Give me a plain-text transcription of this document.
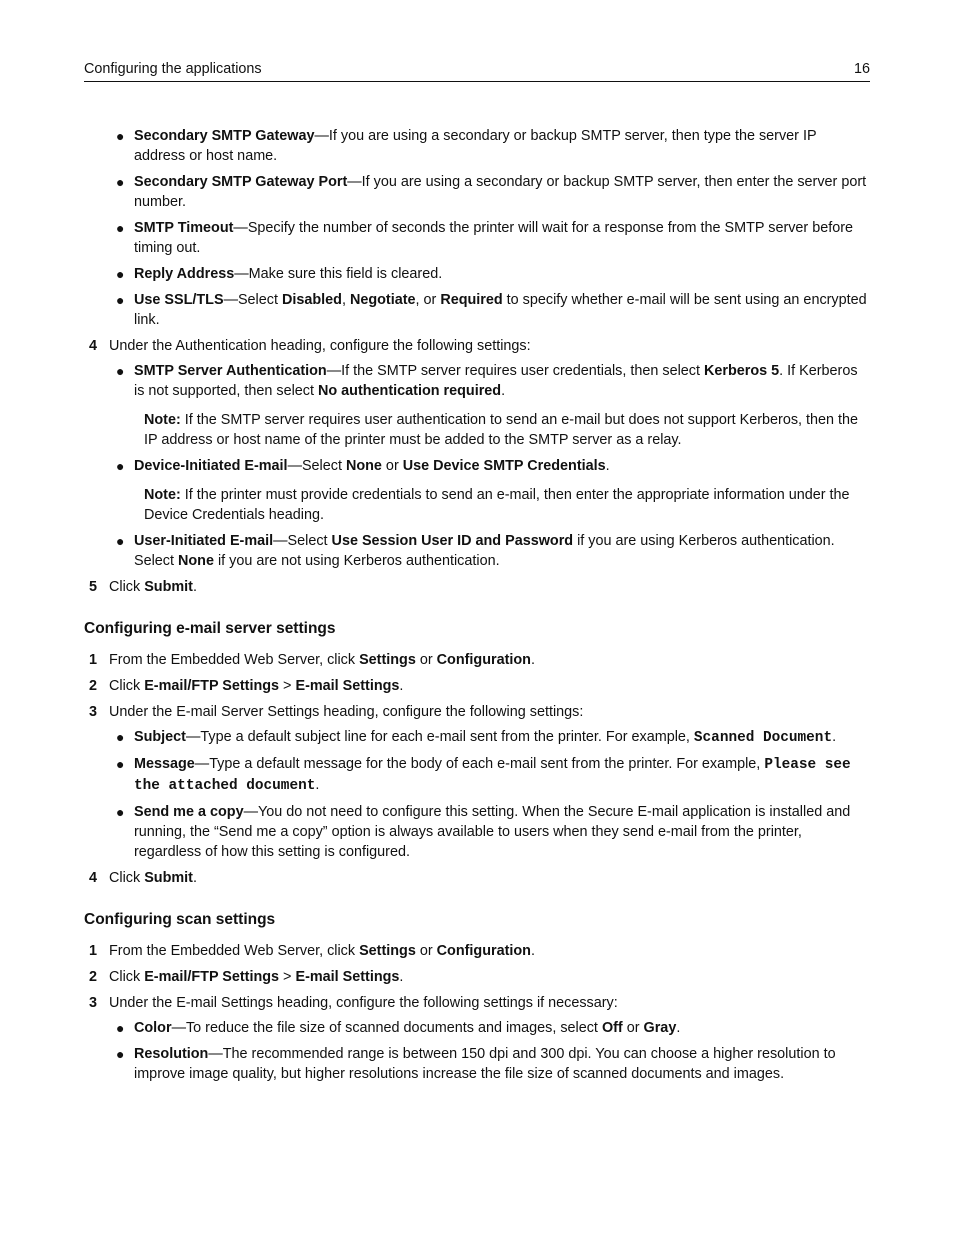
Configuring the applications	16
● Secondary SMTP Gateway—If you are using a secondary or backup SMTP server, then type the server IP address or host name.
● Secondary SMTP Gateway Port—If you are using a secondary or backup SMTP server, then enter the server port number.
● SMTP Timeout—Specify the number of seconds the printer will wait for a response from the SMTP server before timing out.
● Reply Address—Make sure this field is cleared.
● Use SSL/TLS—Select Disabled, Negotiate, or Required to specify whether e-mail will be sent using an encrypted link.
4 Under the Authentication heading, configure the following settings:
● SMTP Server Authentication—If the SMTP server requires user credentials, then select Kerberos 5. If Kerberos is not supported, then select No authentication required.
Note: If the SMTP server requires user authentication to send an e-mail but does not support Kerberos, then the IP address or host name of the printer must be added to the SMTP server as a relay.
● Device-Initiated E-mail—Select None or Use Device SMTP Credentials.
Note: If the printer must provide credentials to send an e-mail, then enter the appropriate information under the Device Credentials heading.
● User-Initiated E-mail—Select Use Session User ID and Password if you are using Kerberos authentication. Select None if you are not using Kerberos authentication.
5 Click Submit.
Configuring e-mail server settings
1 From the Embedded Web Server, click Settings or Configuration.
2 Click E-mail/FTP Settings > E-mail Settings.
3 Under the E-mail Server Settings heading, configure the following settings:
● Subject—Type a default subject line for each e-mail sent from the printer. For example, Scanned Document.
● Message—Type a default message for the body of each e-mail sent from the printer. For example, Please see the attached document.
● Send me a copy—You do not need to configure this setting. When the Secure E-mail application is installed and running, the “Send me a copy” option is always available to users when they send e-mail from the printer, regardless of how this setting is configured.
4 Click Submit.
Configuring scan settings
1 From the Embedded Web Server, click Settings or Configuration.
2 Click E-mail/FTP Settings > E-mail Settings.
3 Under the E-mail Settings heading, configure the following settings if necessary:
● Color—To reduce the file size of scanned documents and images, select Off or Gray.
● Resolution—The recommended range is between 150 dpi and 300 dpi. You can choose a higher resolution to improve image quality, but higher resolutions increase the file size of scanned documents and images.
